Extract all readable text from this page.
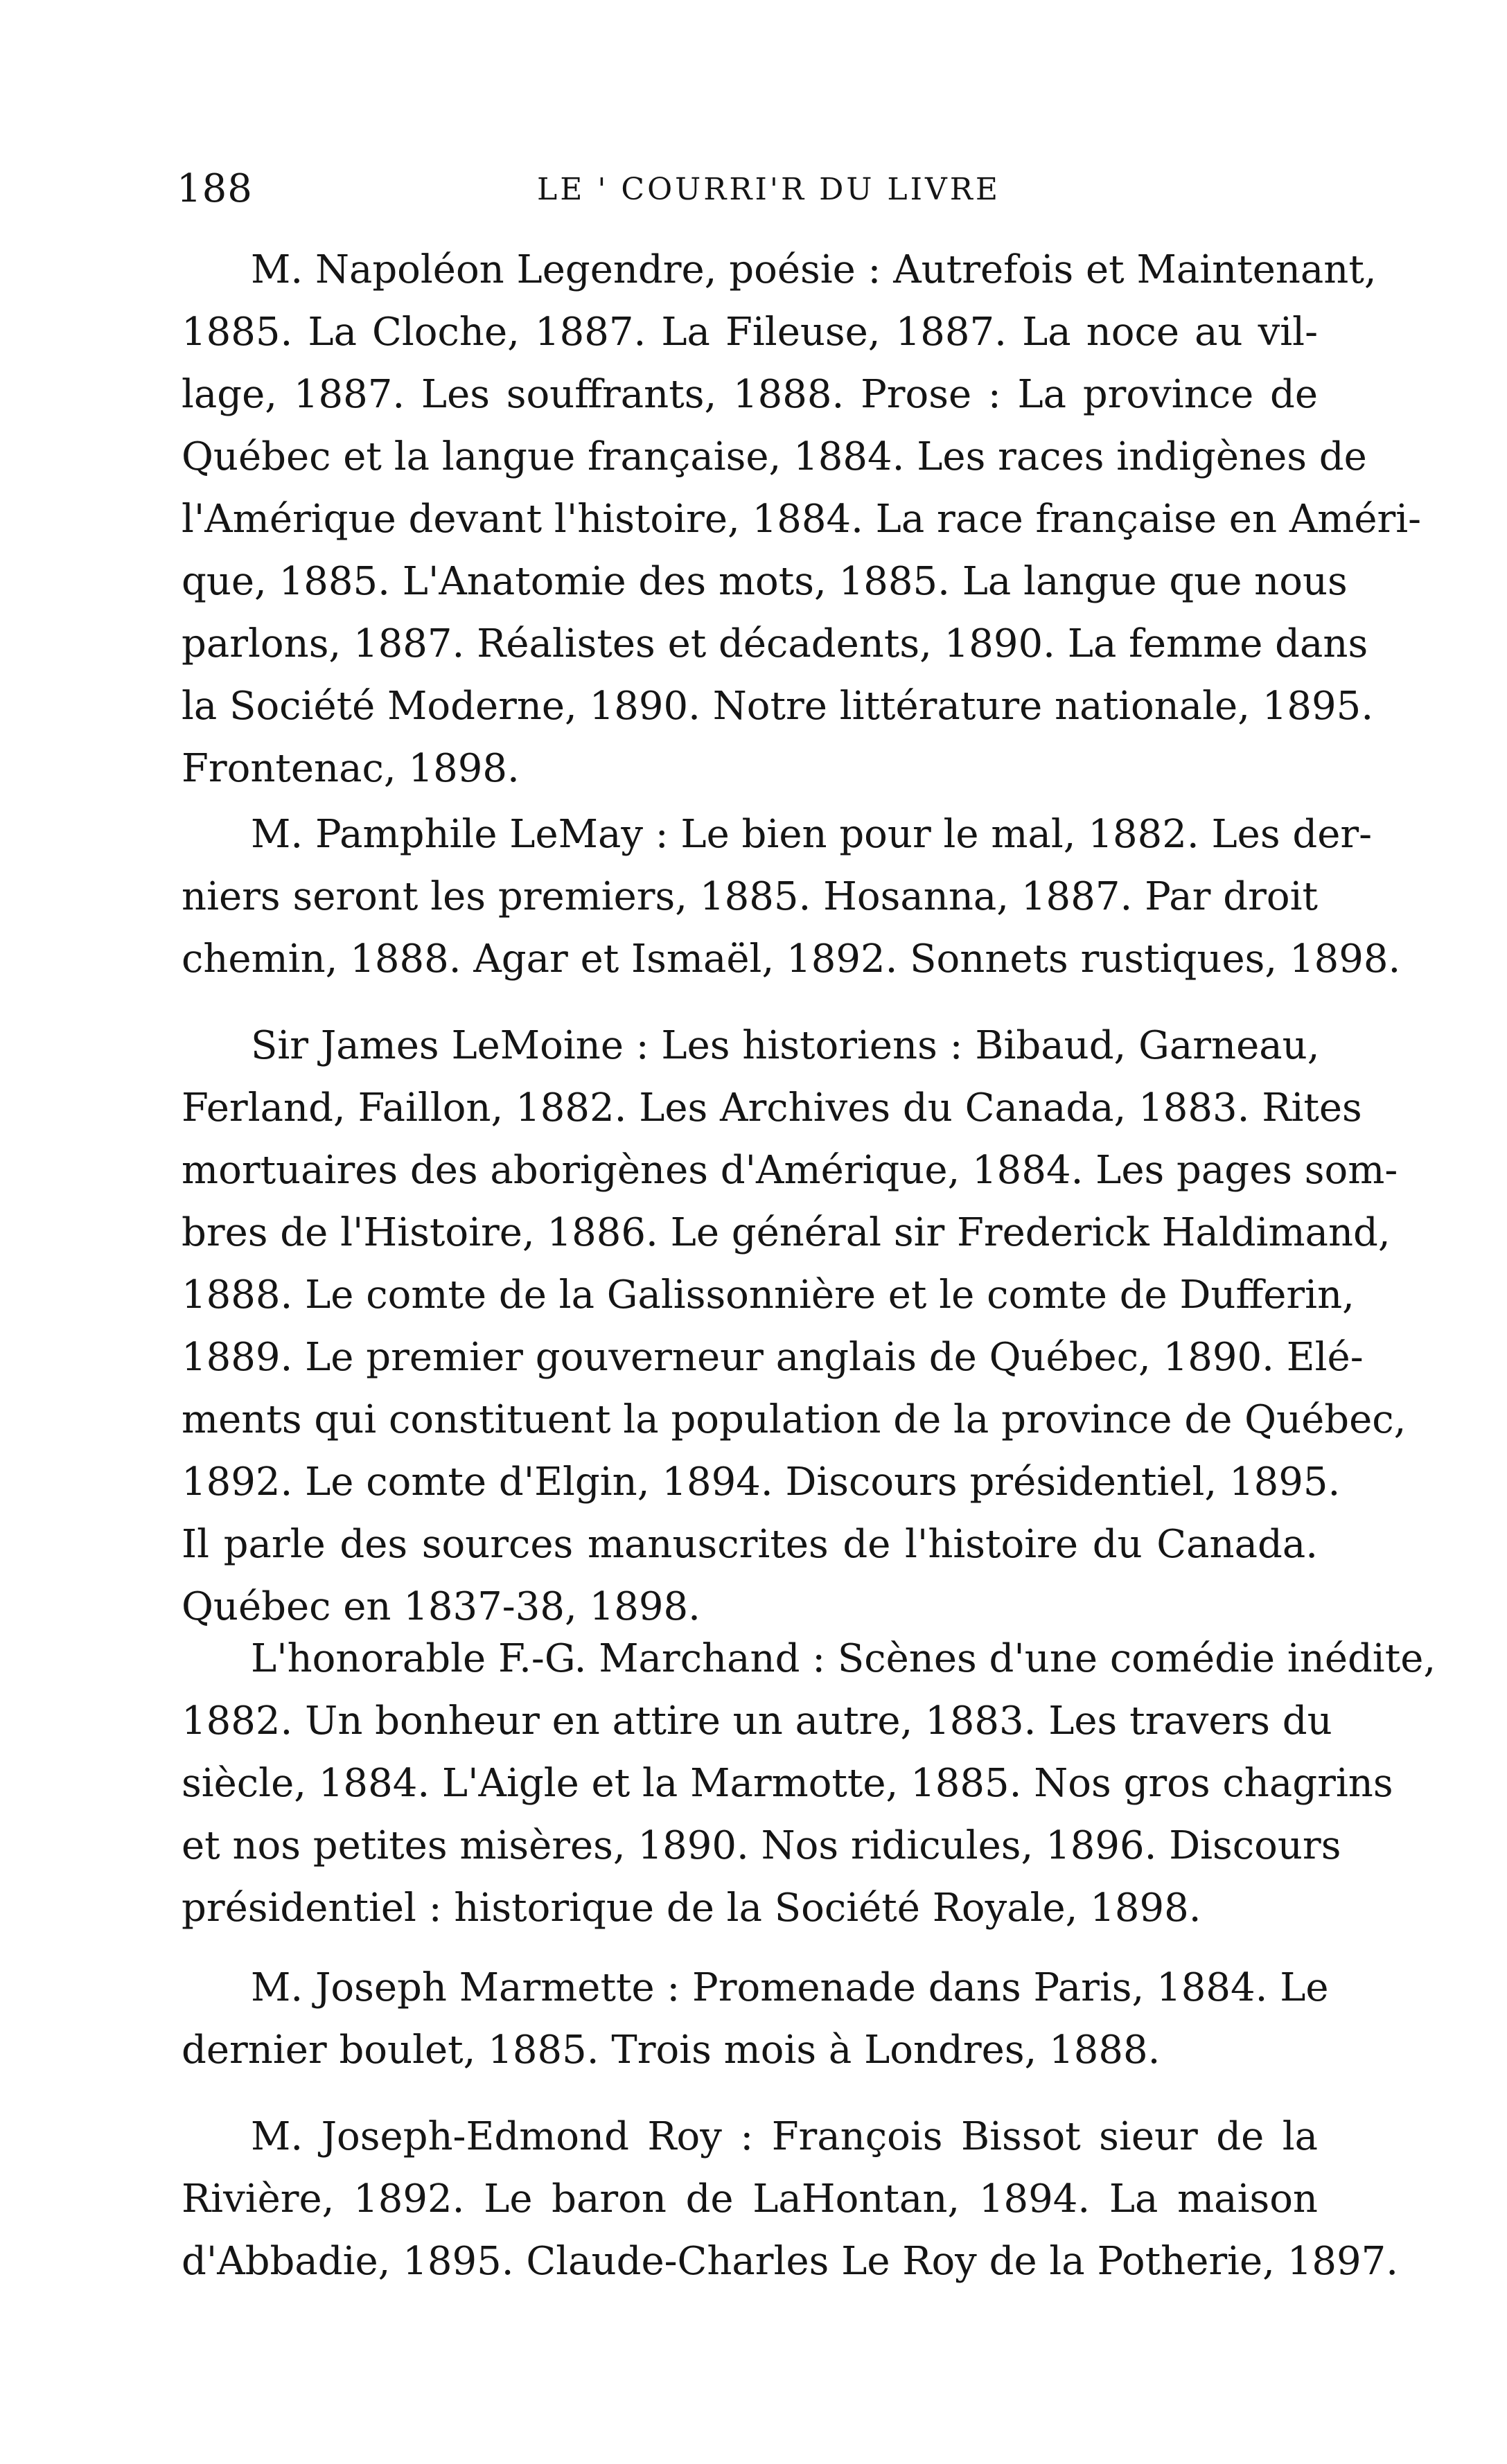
188	LE ' COURRI'R DU LIVRE
M. Napoléon Legendre, poésie : Autrefois et Maintenant,
1885. La Cloche, 1887. La Fileuse, 1887. La noce au vil-
lage, 1887. Les souffrants, 1888. Prose : La province de
Québec et la langue française, 1884. Les races indigènes de
l'Amérique devant l'histoire, 1884. La race française en Améri-
que, 1885. L'Anatomie des mots, 1885. La langue que nous
parlons, 1887. Réalistes et décadents, 1890. La femme dans
la Société Moderne, 1890. Notre littérature nationale, 1895.
Frontenac, 1898.
M. Pamphile LeMay : Le bien pour le mal, 1882. Les der-
niers seront les premiers, 1885. Hosanna, 1887. Par droit
chemin, 1888. Agar et Ismaël, 1892. Sonnets rustiques, 1898.
Sir James LeMoine : Les historiens : Bibaud, Garneau,
Ferland, Faillon, 1882. Les Archives du Canada, 1883. Rites
mortuaires des aborigènes d'Amérique, 1884. Les pages som-
bres de l'Histoire, 1886. Le général sir Frederick Haldimand,
1888. Le comte de la Galissonnière et le comte de Dufferin,
1889. Le premier gouverneur anglais de Québec, 1890. Elé-
ments qui constituent la population de la province de Québec,
1892. Le comte d'Elgin, 1894. Discours présidentiel, 1895.
Il parle des sources manuscrites de l'histoire du Canada.
Québec en 1837-38, 1898.
L'honorable F.-G. Marchand : Scènes d'une comédie inédite,
1882. Un bonheur en attire un autre, 1883. Les travers du
siècle, 1884. L'Aigle et la Marmotte, 1885. Nos gros chagrins
et nos petites misères, 1890. Nos ridicules, 1896. Discours
présidentiel : historique de la Société Royale, 1898.
M. Joseph Marmette : Promenade dans Paris, 1884. Le
dernier boulet, 1885. Trois mois à Londres, 1888.
M. Joseph-Edmond Roy : François Bissot sieur de la
Rivière, 1892. Le baron de LaHontan, 1894. La maison
d'Abbadie, 1895. Claude-Charles Le Roy de la Potherie, 1897.
